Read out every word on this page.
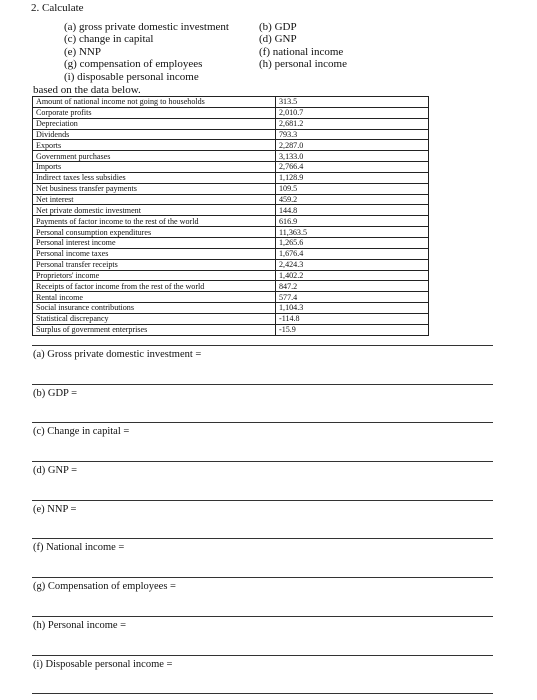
2. Calculate
(a) gross private domestic investment
(c) change in capital
(e) NNP
(g) compensation of employees
(i) disposable personal income
(b) GDP
(d) GNP
(f) national income
(h) personal income
based on the data below.
Amount of national income not going to households	313.5
Corporate profits	2,010.7
Depreciation	2,681.2
Dividends	793.3
Exports	2,287.0
Government purchases	3,133.0
Imports	2,766.4
Indirect taxes less subsidies	1,128.9
Net business transfer payments	109.5
Net interest	459.2
Net private domestic investment	144.8
Payments of factor income to the rest of the world	616.9
Personal consumption expenditures	11,363.5
Personal interest income	1,265.6
Personal income taxes	1,676.4
Personal transfer receipts	2,424.3
Proprietors' income	1,402.2
Receipts of factor income from the rest of the world	847.2
Rental income	577.4
Social insurance contributions	1,104.3
Statistical discrepancy	-114.8
Surplus of government enterprises	-15.9
(a) Gross private domestic investment =
(b) GDP =
(c) Change in capital =
(d) GNP =
(e) NNP =
(f) National income =
(g) Compensation of employees =
(h) Personal income =
(i) Disposable personal income =
